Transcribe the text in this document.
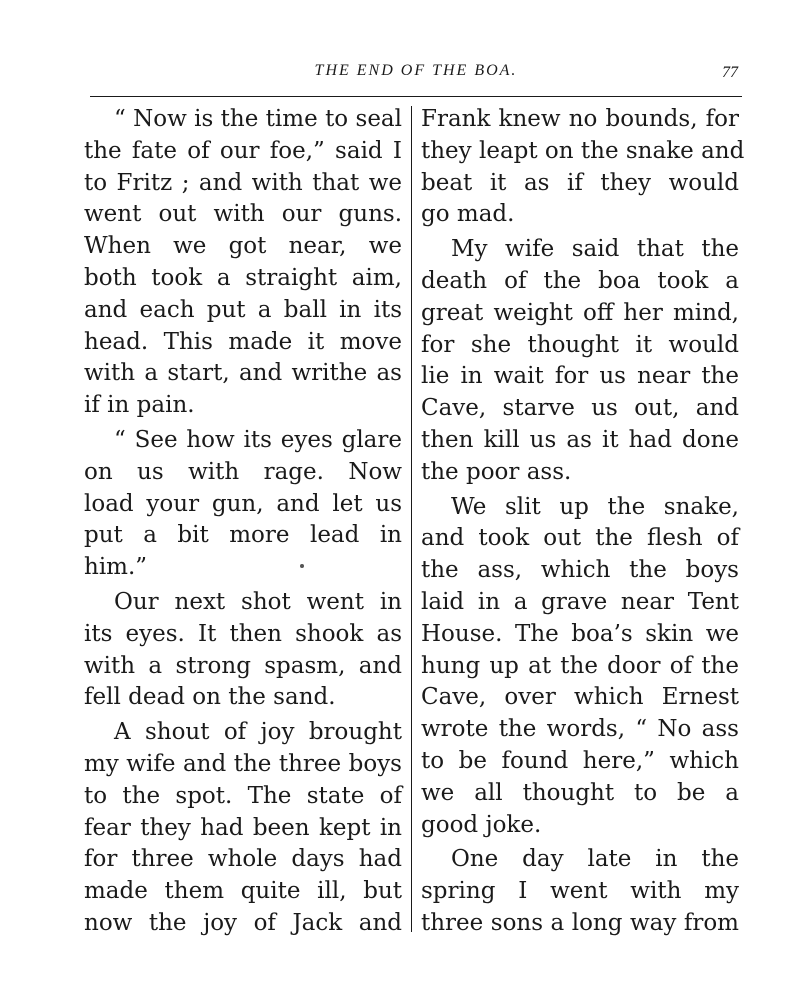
THE END OF THE BOA.	77
“ Now is the time to seal
the fate of our foe,” said I
to Fritz ; and with that we
went out with our guns.
When we got near, we
both took a straight aim,
and each put a ball in its
head. This made it move
with a start, and writhe as
if in pain.
“ See how its eyes glare
on us with rage. Now
load your gun, and let us
put a bit more lead in
him.”
Our next shot went in
its eyes. It then shook as
with a strong spasm, and
fell dead on the sand.
A shout of joy brought
my wife and the three boys
to the spot. The state of
fear they had been kept in
for three whole days had
made them quite ill, but
now the joy of Jack and
Frank knew no bounds, for
they leapt on the snake and
beat it as if they would
go mad.
My wife said that the
death of the boa took a
great weight off her mind,
for she thought it would
lie in wait for us near the
Cave, starve us out, and
then kill us as it had done
the poor ass.
We slit up the snake,
and took out the flesh of
the ass, which the boys
laid in a grave near Tent
House. The boa’s skin we
hung up at the door of the
Cave, over which Ernest
wrote the words, “ No ass
to be found here,” which
we all thought to be a
good joke.
One day late in the
spring I went with my
three sons a long way from
